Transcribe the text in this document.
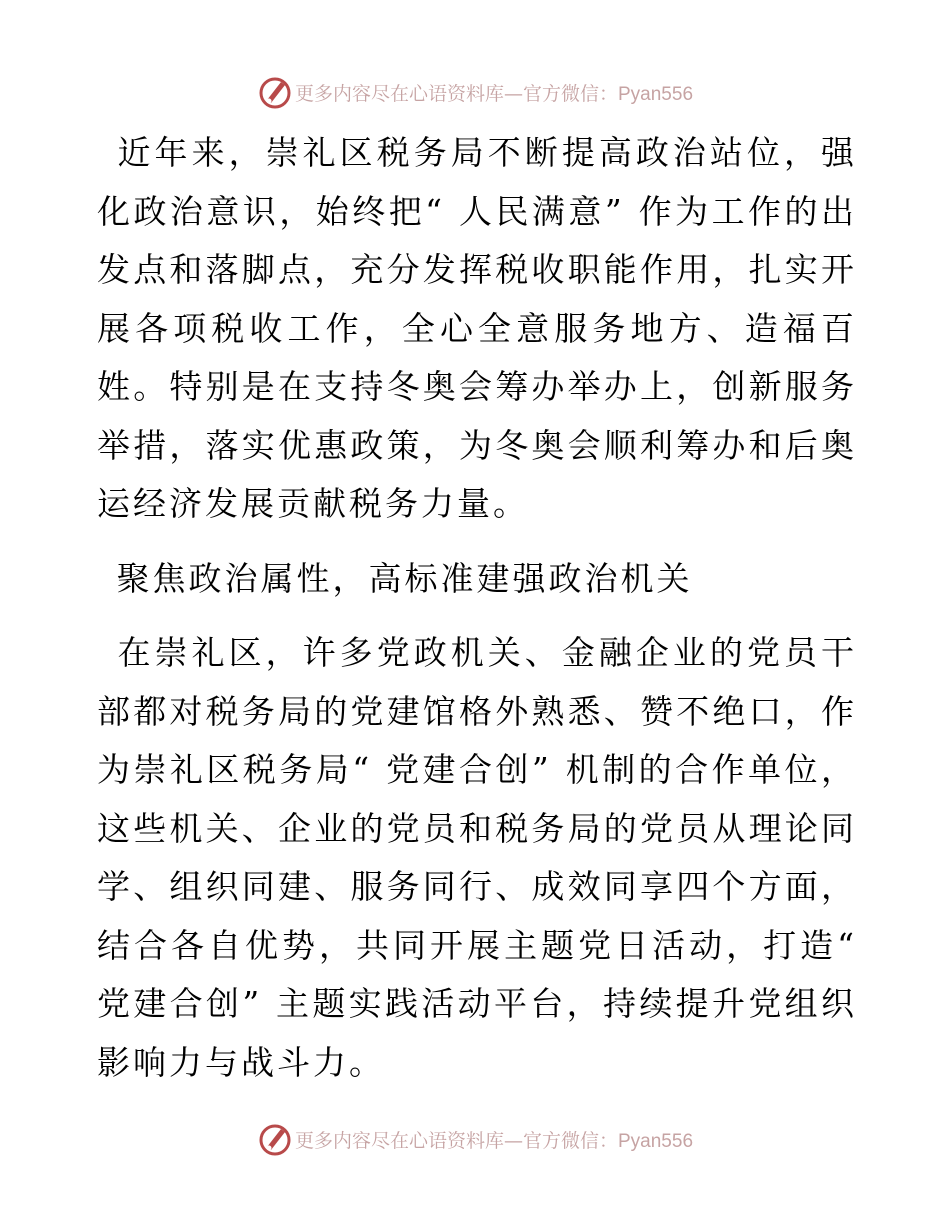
更多内容尽在心语资料库—官方微信：Pyan556

 近年来，崇礼区税务局不断提高政治站位，强化政治意识，始终把“ 人民满意” 作为工作的出发点和落脚点，充分发挥税收职能作用，扎实开展各项税收工作，全心全意服务地方、造福百姓。特别是在支持冬奥会筹办举办上，创新服务举措，落实优惠政策，为冬奥会顺利筹办和后奥运经济发展贡献税务力量。

 聚焦政治属性，高标准建强政治机关

 在崇礼区，许多党政机关、金融企业的党员干部都对税务局的党建馆格外熟悉、赞不绝口，作为崇礼区税务局“ 党建合创” 机制的合作单位，这些机关、企业的党员和税务局的党员从理论同学、组织同建、服务同行、成效同享四个方面，结合各自优势，共同开展主题党日活动，打造“ 党建合创” 主题实践活动平台，持续提升党组织影响力与战斗力。

更多内容尽在心语资料库—官方微信：Pyan556
